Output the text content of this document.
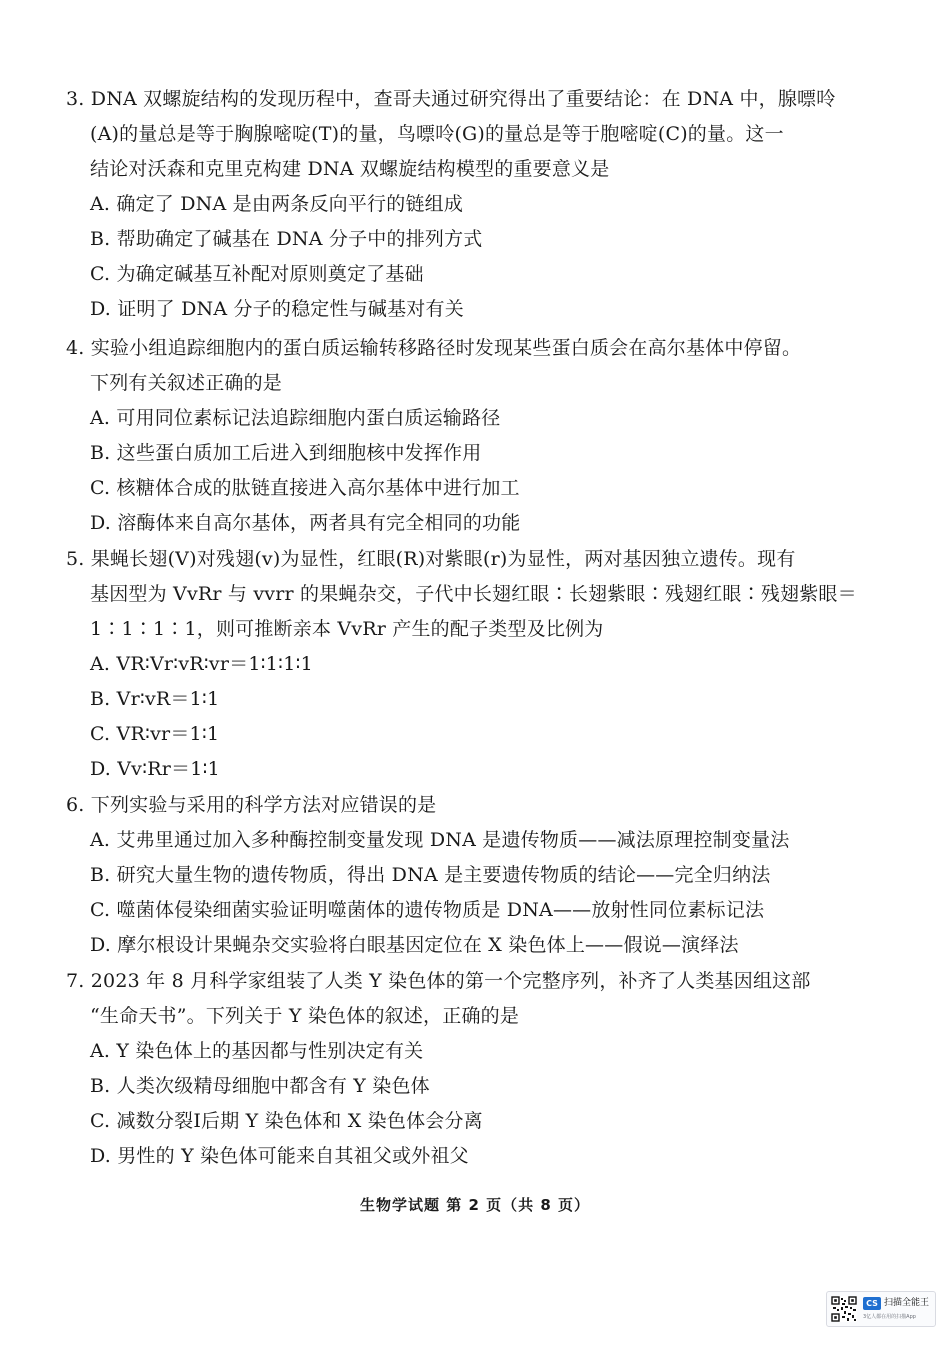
3. DNA 双螺旋结构的发现历程中，查哥夫通过研究得出了重要结论：在 DNA 中，腺嘌呤
(A)的量总是等于胸腺嘧啶(T)的量，鸟嘌呤(G)的量总是等于胞嘧啶(C)的量。这一
结论对沃森和克里克构建 DNA 双螺旋结构模型的重要意义是
A. 确定了 DNA 是由两条反向平行的链组成
B. 帮助确定了碱基在 DNA 分子中的排列方式
C. 为确定碱基互补配对原则奠定了基础
D. 证明了 DNA 分子的稳定性与碱基对有关
4. 实验小组追踪细胞内的蛋白质运输转移路径时发现某些蛋白质会在高尔基体中停留。
下列有关叙述正确的是
A. 可用同位素标记法追踪细胞内蛋白质运输路径
B. 这些蛋白质加工后进入到细胞核中发挥作用
C. 核糖体合成的肽链直接进入高尔基体中进行加工
D. 溶酶体来自高尔基体，两者具有完全相同的功能
5. 果蝇长翅(V)对残翅(v)为显性，红眼(R)对紫眼(r)为显性，两对基因独立遗传。现有
基因型为 VvRr 与 vvrr 的果蝇杂交，子代中长翅红眼∶长翅紫眼∶残翅红眼∶残翅紫眼＝
1∶1∶1∶1，则可推断亲本 VvRr 产生的配子类型及比例为
A. VR∶Vr∶vR∶vr＝1∶1∶1∶1
B. Vr∶vR＝1∶1
C. VR∶vr＝1∶1
D. Vv∶Rr＝1∶1
6. 下列实验与采用的科学方法对应错误的是
A. 艾弗里通过加入多种酶控制变量发现 DNA 是遗传物质——减法原理控制变量法
B. 研究大量生物的遗传物质，得出 DNA 是主要遗传物质的结论——完全归纳法
C. 噬菌体侵染细菌实验证明噬菌体的遗传物质是 DNA——放射性同位素标记法
D. 摩尔根设计果蝇杂交实验将白眼基因定位在 X 染色体上——假说—演绎法
7. 2023 年 8 月科学家组装了人类 Y 染色体的第一个完整序列，补齐了人类基因组这部
“生命天书”。下列关于 Y 染色体的叙述，正确的是
A. Y 染色体上的基因都与性别决定有关
B. 人类次级精母细胞中都含有 Y 染色体
C. 减数分裂Ⅰ后期 Y 染色体和 X 染色体会分离
D. 男性的 Y 染色体可能来自其祖父或外祖父
生物学试题 第 2 页（共 8 页）
CS 扫描全能王
3亿人都在用的扫描App
